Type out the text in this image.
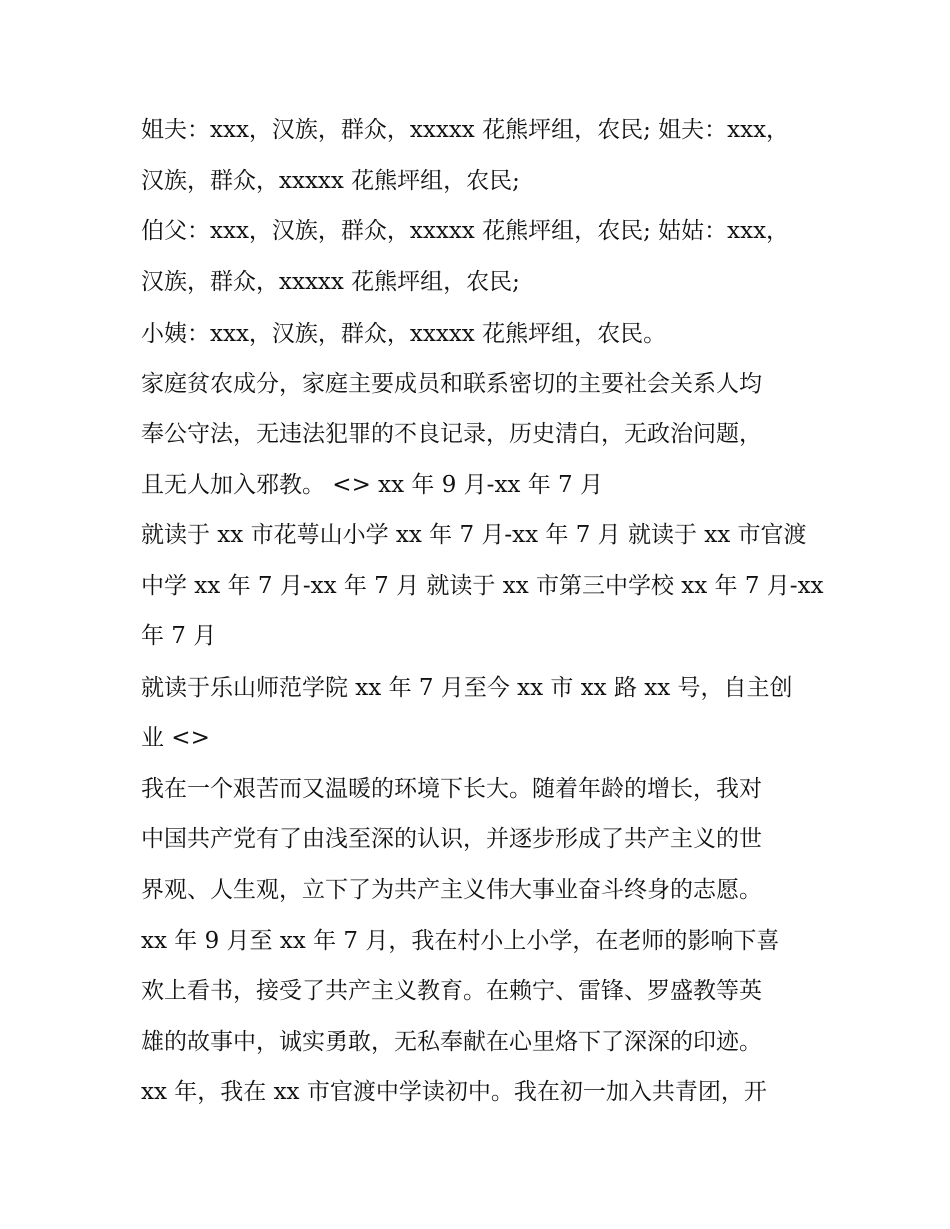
姐夫：xxx，汉族，群众，xxxxx 花熊坪组，农民; 姐夫：xxx，
汉族，群众，xxxxx 花熊坪组，农民;
伯父：xxx，汉族，群众，xxxxx 花熊坪组，农民; 姑姑：xxx，
汉族，群众，xxxxx 花熊坪组，农民;
小姨：xxx，汉族，群众，xxxxx 花熊坪组，农民。
家庭贫农成分，家庭主要成员和联系密切的主要社会关系人均
奉公守法，无违法犯罪的不良记录，历史清白，无政治问题，
且无人加入邪教。 <> xx 年 9 月-xx 年 7 月
就读于 xx 市花萼山小学 xx 年 7 月-xx 年 7 月 就读于 xx 市官渡
中学 xx 年 7 月-xx 年 7 月 就读于 xx 市第三中学校 xx 年 7 月-xx
年 7 月
就读于乐山师范学院 xx 年 7 月至今 xx 市 xx 路 xx 号，自主创
业 <>
我在一个艰苦而又温暖的环境下长大。随着年龄的增长，我对
中国共产党有了由浅至深的认识，并逐步形成了共产主义的世
界观、人生观，立下了为共产主义伟大事业奋斗终身的志愿。
xx 年 9 月至 xx 年 7 月，我在村小上小学，在老师的影响下喜
欢上看书，接受了共产主义教育。在赖宁、雷锋、罗盛教等英
雄的故事中，诚实勇敢，无私奉献在心里烙下了深深的印迹。
xx 年，我在 xx 市官渡中学读初中。我在初一加入共青团，开
